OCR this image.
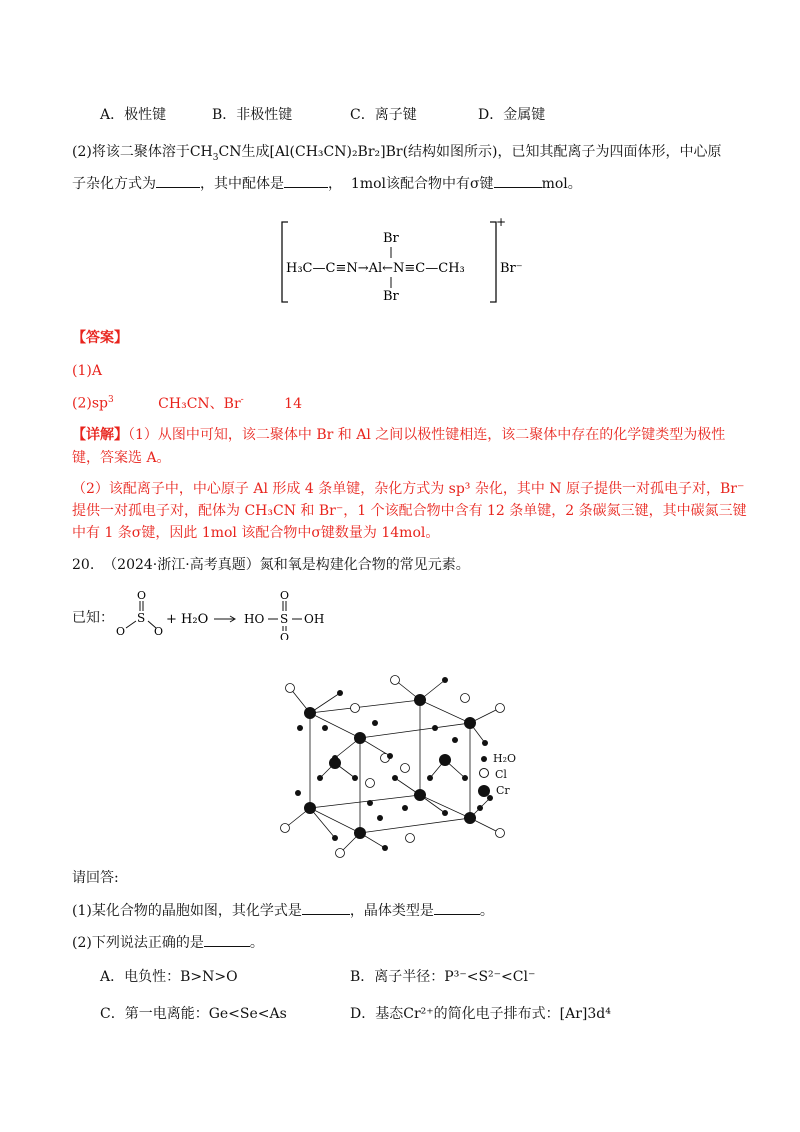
A．极性键	B．非极性键	C．离子键	D．金属键
(2)将该二聚体溶于$CH_3CN$生成[Al(CH₃CN)₂Br₂]Br(结构如图所示)，已知其配离子为四面体形，中心原
子杂化方式为	，其中配体是	， 1mol该配合物中有σ键	mol。
Br
Br
H₃C—C≡N→Al←N≡C—CH₃
+
Br⁻
【答案】
(1)A
$(2)sp^3$	CH₃CN、Br-	14
【详解】（1）从图中可知，该二聚体中 Br 和 Al 之间以极性键相连，该二聚体中存在的化学键类型为极性
键，答案选 A。
（2）该配离子中，中心原子 Al 形成 4 条单键，杂化方式为 sp³ 杂化，其中 N 原子提供一对孤电子对，Br⁻
提供一对孤电子对，配体为 CH₃CN 和 Br⁻，1 个该配合物中含有 12 条单键，2 条碳氮三键，其中碳氮三键
中有 1 条σ键，因此 1mol 该配合物中σ键数量为 14mol。
20. （2024·浙江·高考真题）氮和氧是构建化合物的常见元素。
已知：
O
S
O	O
+ H₂O	HO S
O
O
OH
H₂O
Cl
Cr
请回答:
(1)某化合物的晶胞如图，其化学式是	，晶体类型是	。
(2)下列说法正确的是	。
A．电负性：B>N>O	B．离子半径：P³⁻<S²⁻<Cl⁻
C．第一电离能：Ge<Se<As	D．基态Cr²⁺的简化电子排布式：[Ar]3d⁴
